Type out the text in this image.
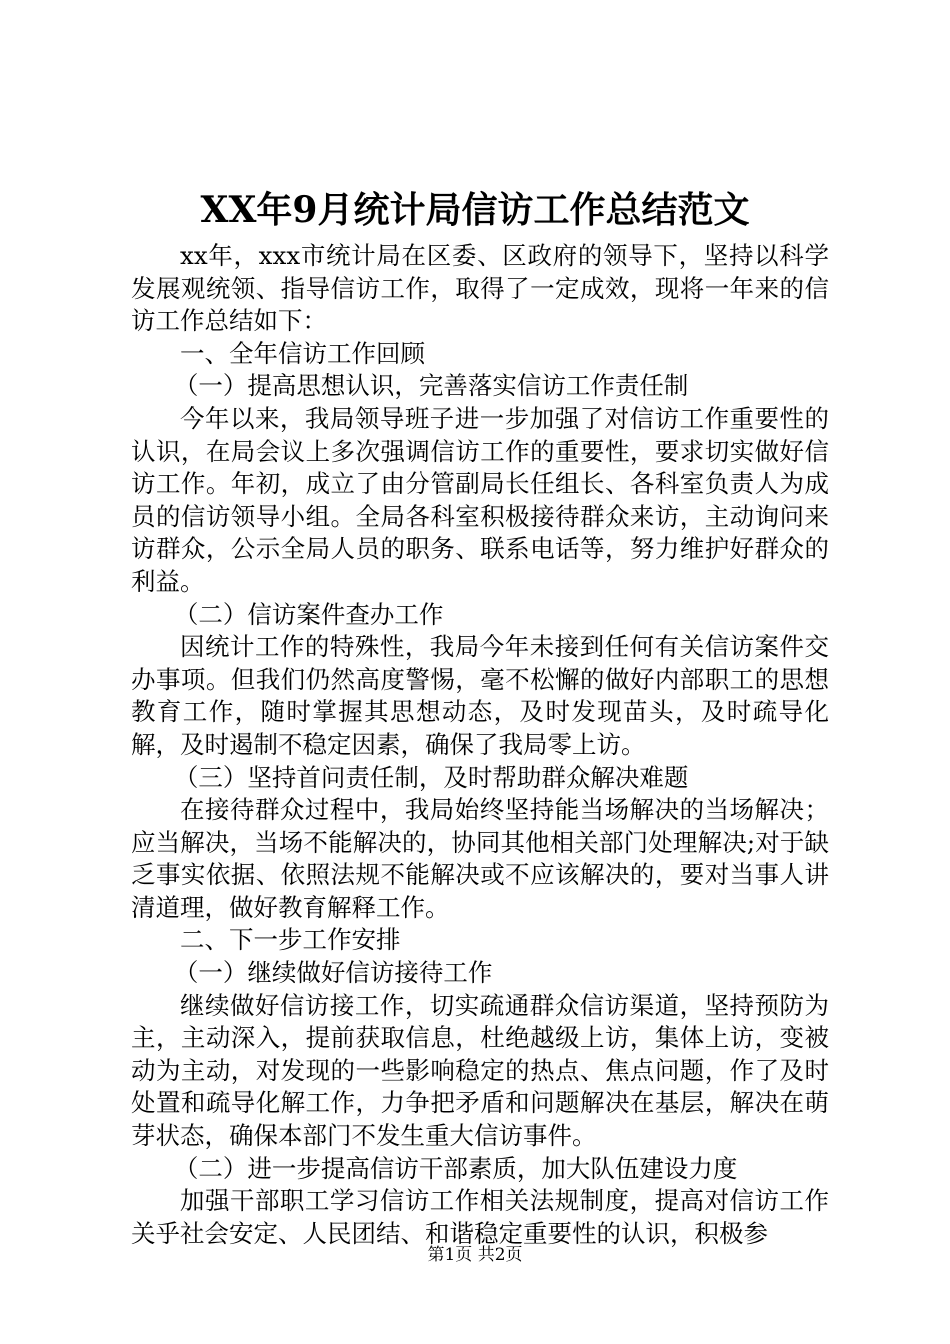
XX年9月统计局信访工作总结范文

xx年，xxx市统计局在区委、区政府的领导下，坚持以科学发展观统领、指导信访工作，取得了一定成效，现将一年来的信访工作总结如下：

一、全年信访工作回顾

（一）提高思想认识，完善落实信访工作责任制

今年以来，我局领导班子进一步加强了对信访工作重要性的认识，在局会议上多次强调信访工作的重要性，要求切实做好信访工作。年初，成立了由分管副局长任组长、各科室负责人为成员的信访领导小组。全局各科室积极接待群众来访，主动询问来访群众，公示全局人员的职务、联系电话等，努力维护好群众的利益。

（二）信访案件查办工作

因统计工作的特殊性，我局今年未接到任何有关信访案件交办事项。但我们仍然高度警惕，毫不松懈的做好内部职工的思想教育工作，随时掌握其思想动态，及时发现苗头，及时疏导化解，及时遏制不稳定因素，确保了我局零上访。

（三）坚持首问责任制，及时帮助群众解决难题

在接待群众过程中，我局始终坚持能当场解决的当场解决；应当解决，当场不能解决的，协同其他相关部门处理解决;对于缺乏事实依据、依照法规不能解决或不应该解决的，要对当事人讲清道理，做好教育解释工作。

二、下一步工作安排

（一）继续做好信访接待工作

继续做好信访接工作，切实疏通群众信访渠道，坚持预防为主，主动深入，提前获取信息，杜绝越级上访，集体上访，变被动为主动，对发现的一些影响稳定的热点、焦点问题，作了及时处置和疏导化解工作，力争把矛盾和问题解决在基层，解决在萌芽状态，确保本部门不发生重大信访事件。

（二）进一步提高信访干部素质，加大队伍建设力度

加强干部职工学习信访工作相关法规制度，提高对信访工作关乎社会安定、人民团结、和谐稳定重要性的认识，积极参

第1页 共2页
